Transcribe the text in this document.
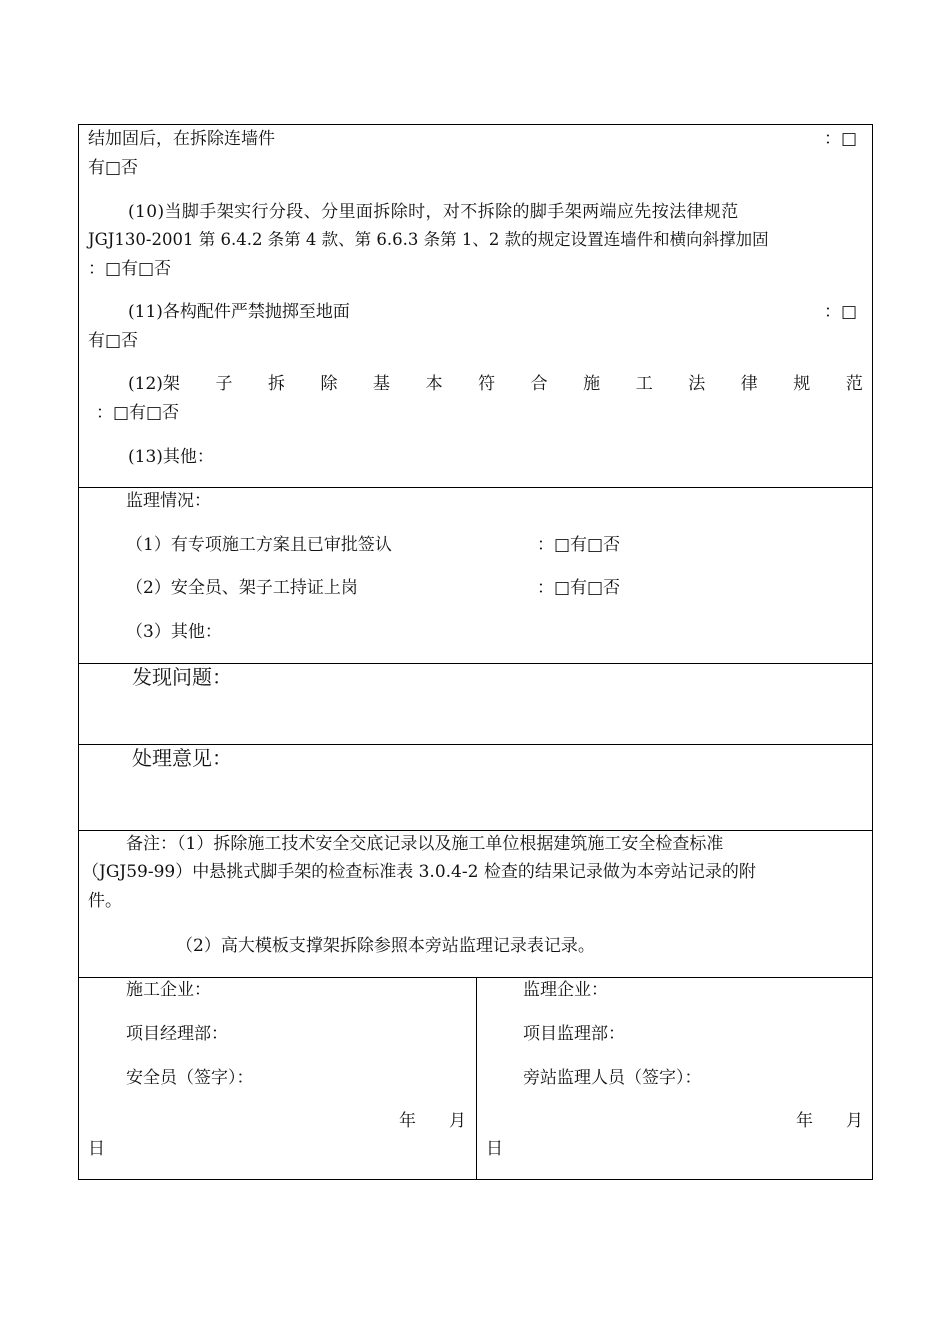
结加固后，在拆除连墙件	：□
有□否
(10)当脚手架实行分段、分里面拆除时，对不拆除的脚手架两端应先按法律规范
JGJ130-2001 第 6.4.2 条第 4 款、第 6.6.3 条第 1、2 款的规定设置连墙件和横向斜撑加固
：□有□否
(11)各构配件严禁抛掷至地面	：□
有□否
(12)架 子 拆 除 基 本 符 合 施 工 法 律 规 范
：□有□否
(13)其他：
监理情况：
（1）有专项施工方案且已审批签认	：□有□否
（2）安全员、架子工持证上岗	：□有□否
（3）其他：
发现问题：
处理意见：
备注：（1）拆除施工技术安全交底记录以及施工单位根据建筑施工安全检查标准
（JGJ59-99）中悬挑式脚手架的检查标准表 3.0.4-2 检查的结果记录做为本旁站记录的附
件。
（2）高大模板支撑架拆除参照本旁站监理记录表记录。
施工企业：
项目经理部：
安全员（签字）：
年 月
日
监理企业：
项目监理部：
旁站监理人员（签字）：
年 月
日
